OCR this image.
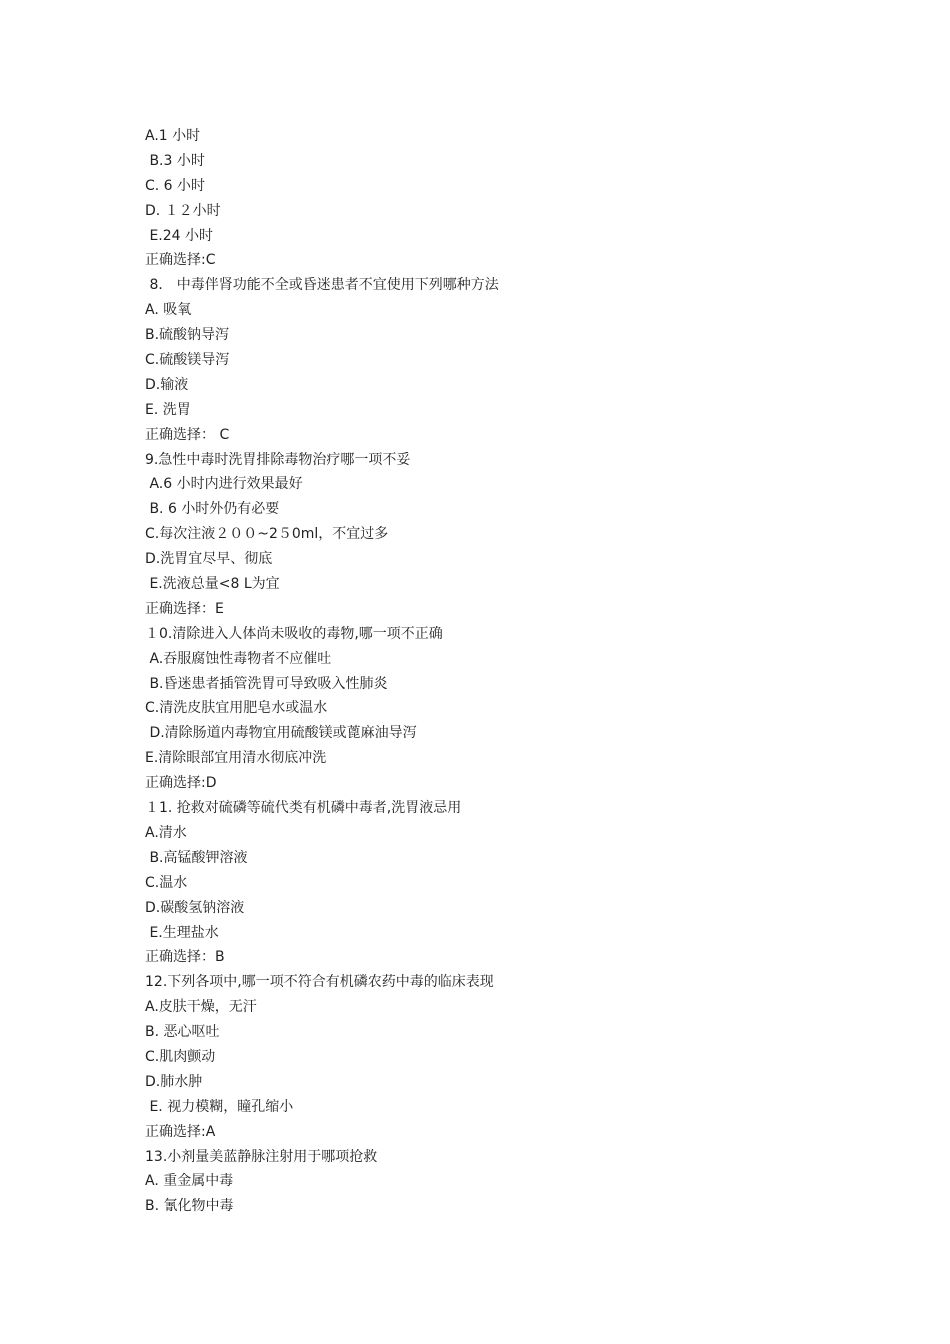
A.1 小时
B.3 小时
C. 6 小时
D. １２小时
E.24 小时
正确选择:C
8． 中毒伴肾功能不全或昏迷患者不宜使用下列哪种方法
A. 吸氧
B.硫酸钠导泻
C.硫酸镁导泻
D.输液
E. 洗胃
正确选择： C
9.急性中毒时洗胃排除毒物治疗哪一项不妥
A.6 小时内进行效果最好
B. 6 小时外仍有必要
C.每次注液２００~2５0ml，不宜过多
D.洗胃宜尽早、彻底
E.洗液总量<8 L为宜
正确选择：E
１0.清除进入人体尚未吸收的毒物,哪一项不正确
A.吞服腐蚀性毒物者不应催吐
B.昏迷患者插管洗胃可导致吸入性肺炎
C.清洗皮肤宜用肥皂水或温水
D.清除肠道内毒物宜用硫酸镁或蓖麻油导泻
E.清除眼部宜用清水彻底冲洗
正确选择:D
１1. 抢救对硫磷等硫代类有机磷中毒者,洗胃液忌用
A.清水
B.高锰酸钾溶液
C.温水
D.碳酸氢钠溶液
E.生理盐水
正确选择：B
12.下列各项中,哪一项不符合有机磷农药中毒的临床表现
A.皮肤干燥，无汗
B. 恶心呕吐
C.肌肉颤动
D.肺水肿
E. 视力模糊，瞳孔缩小
正确选择:A
13.小剂量美蓝静脉注射用于哪项抢救
A. 重金属中毒
B. 氰化物中毒
